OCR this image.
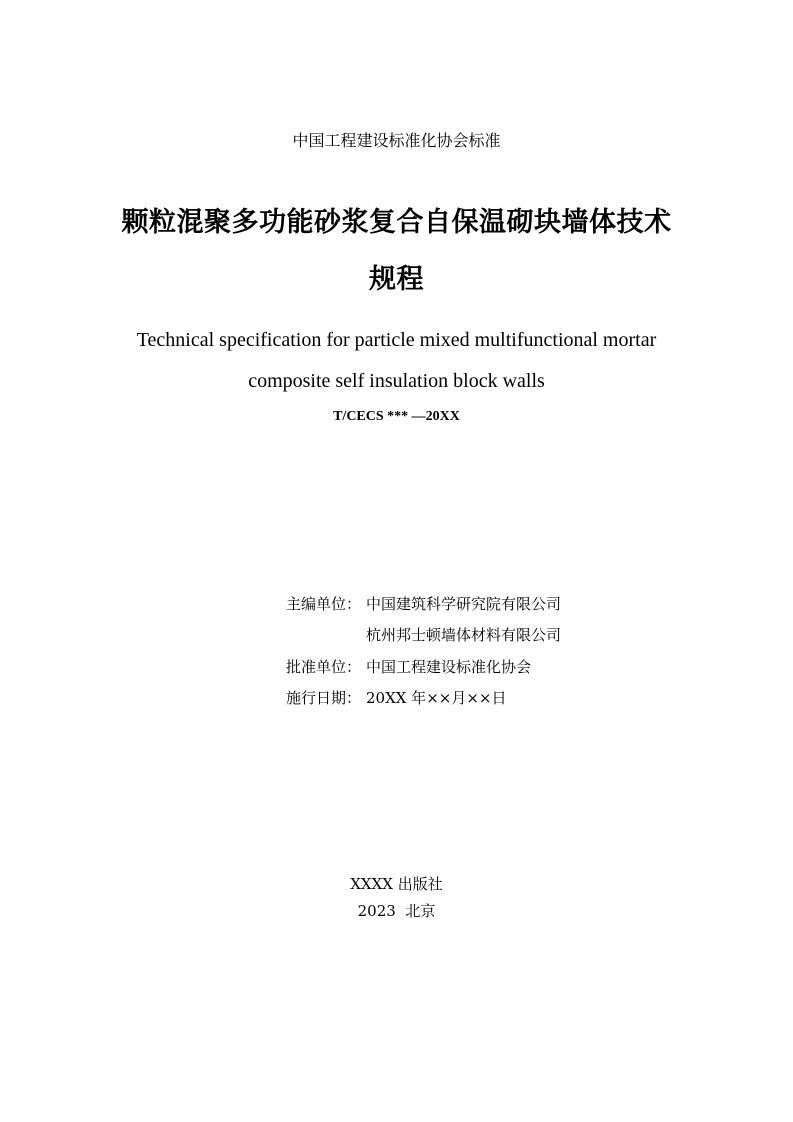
中国工程建设标准化协会标准
颗粒混聚多功能砂浆复合自保温砌块墙体技术
规程
Technical specification for particle mixed multifunctional mortar
composite self insulation block walls
T/CECS *** —20XX
主编单位： 中国建筑科学研究院有限公司
杭州邦士顿墙体材料有限公司
批准单位： 中国工程建设标准化协会
施行日期： 20XX 年××月××日
XXXX 出版社
2023  北京
